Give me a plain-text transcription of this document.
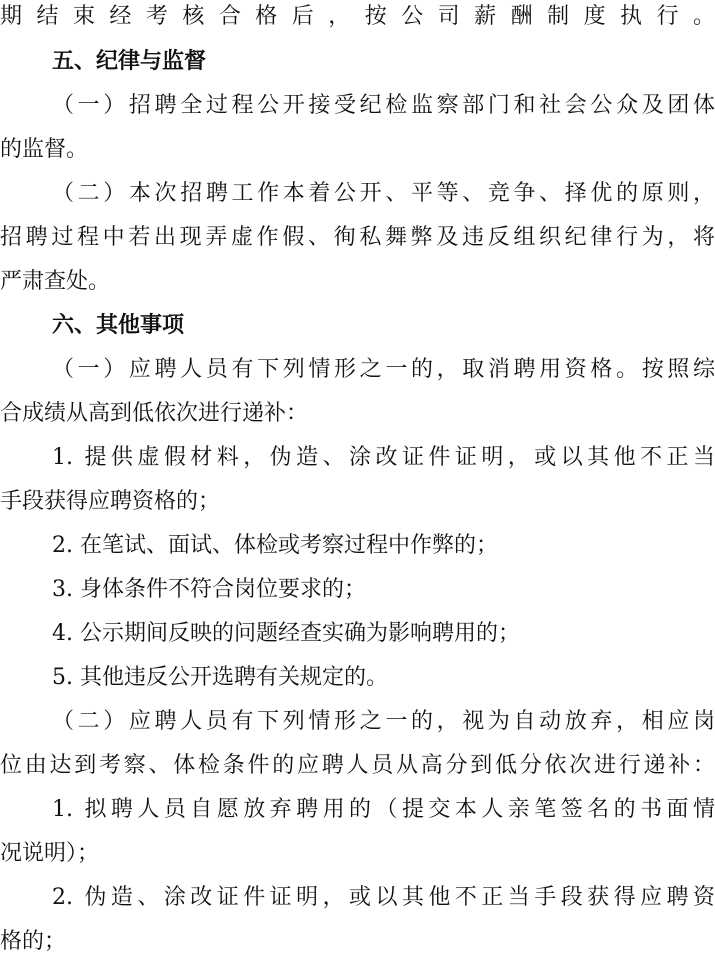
期结束经考核合格后，按公司薪酬制度执行。
五、纪律与监督
（一）招聘全过程公开接受纪检监察部门和社会公众及团体
的监督。
（二）本次招聘工作本着公开、平等、竞争、择优的原则，
招聘过程中若出现弄虚作假、徇私舞弊及违反组织纪律行为，将
严肃查处。
六、其他事项
（一）应聘人员有下列情形之一的，取消聘用资格。按照综
合成绩从高到低依次进行递补：
1. 提供虚假材料，伪造、涂改证件证明，或以其他不正当
手段获得应聘资格的；
2. 在笔试、面试、体检或考察过程中作弊的；
3. 身体条件不符合岗位要求的；
4. 公示期间反映的问题经查实确为影响聘用的；
5. 其他违反公开选聘有关规定的。
（二）应聘人员有下列情形之一的，视为自动放弃，相应岗
位由达到考察、体检条件的应聘人员从高分到低分依次进行递补：
1. 拟聘人员自愿放弃聘用的（提交本人亲笔签名的书面情
况说明）；
2. 伪造、涂改证件证明，或以其他不正当手段获得应聘资
格的；
